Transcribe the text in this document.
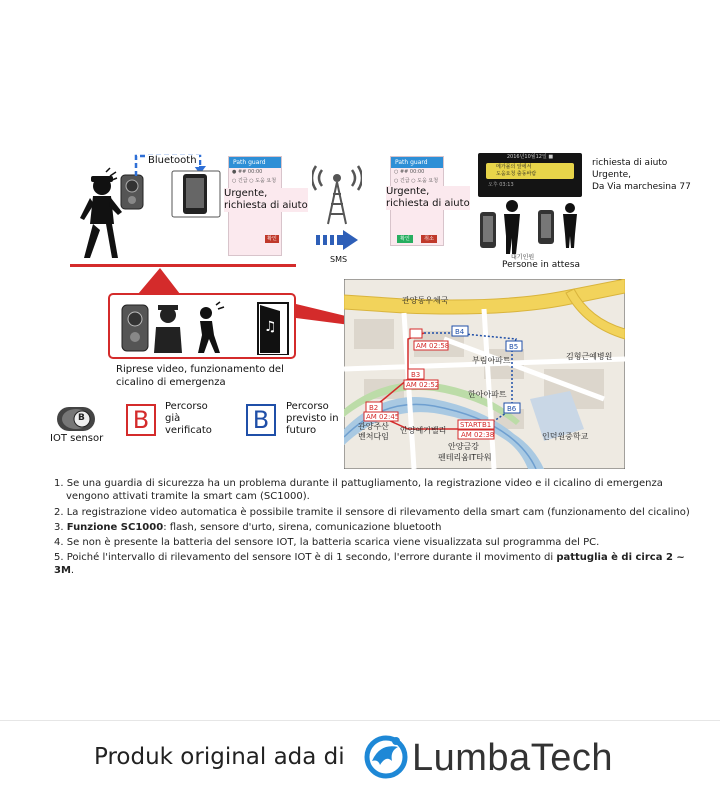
Bluetooth	Path guard
● ## 00:00
○ 긴급 ○ 도움 요청
확인
Urgente,
richiesta di aiuto
SMS
Path guard
○ ## 00:00
○ 긴급 ○ 도움 요청
확인	취소
Urgente,
richiesta di aiuto
2016년10월12일 ■
메가몰의 앞에서
도움요청 출동바람
오후 03:13
richiesta di aiuto
Urgente,
Da Via marchesina 77
대기인원
Persone in attesa
♫
Riprese video, funzionamento del
cicalino di emergenza
B
IOT sensor
B	Percorso
già
verificato B	Percorso
previsto in
futuro
관양동우체국
부림아파트	김형근예병원
한아아파트
관양주산
벤처다임
안양예기밸리
인덕원중학교
안양금강
펜테리움IT타워
B4
B5
B6
AM 02:58
B3
AM 02:52
B2
AM 02:45
START B1
AM 02:38
1. Se una guardia di sicurezza ha un problema durante il pattugliamento, la registrazione video e il cicalino di emergenza
vengono attivati tramite la smart cam (SC1000).
2. La registrazione video automatica è possibile tramite il sensore di rilevamento della smart cam (funzionamento del cicalino)
3. Funzione SC1000: flash, sensore d'urto, sirena, comunicazione bluetooth
4. Se non è presente la batteria del sensore IOT, la batteria scarica viene visualizzata sul programma del PC.
5. Poiché l'intervallo di rilevamento del sensore IOT è di 1 secondo, l'errore durante il movimento di pattuglia è di circa 2 ~ 3M.
Produk original ada di LumbaTech
